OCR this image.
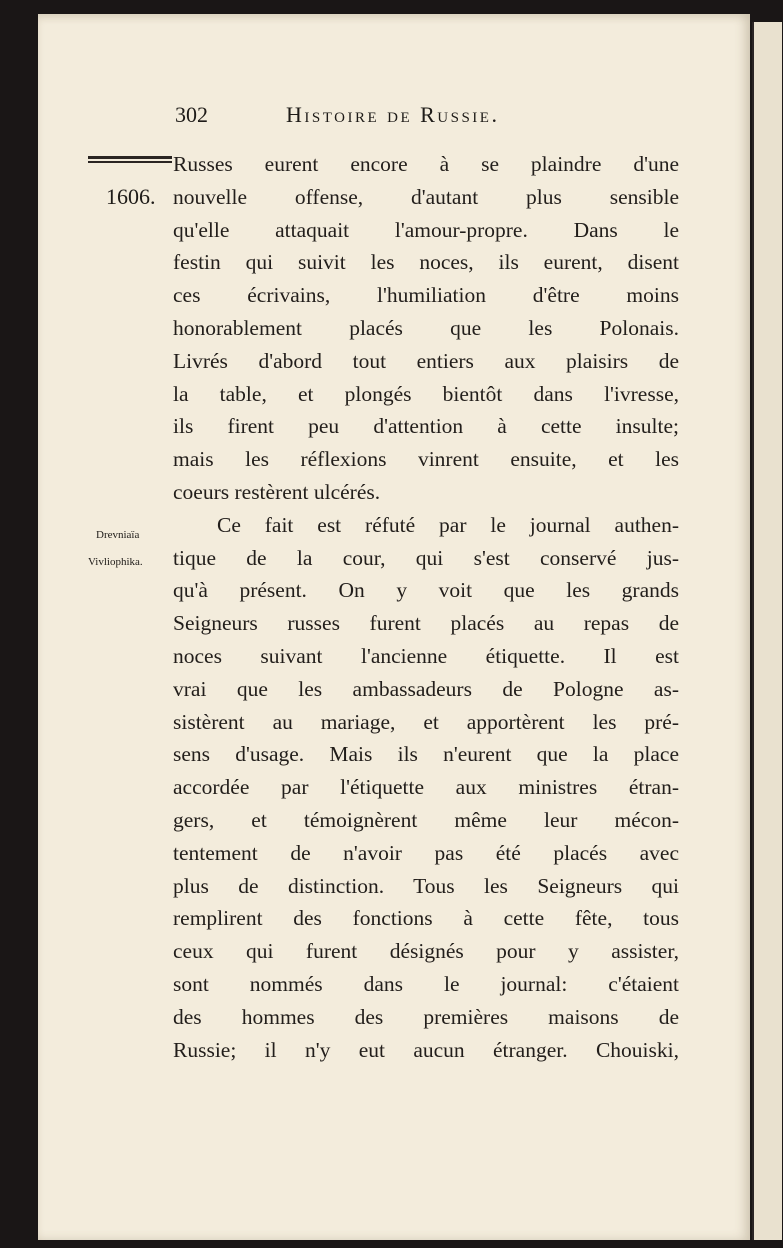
302	Histoire de Russie.
1606.
Drevniaïa
Vivliophika.
Russes eurent encore à se plaindre d'une
nouvelle offense, d'autant plus sensible
qu'elle attaquait l'amour-propre. Dans le
festin qui suivit les noces, ils eurent, disent
ces écrivains, l'humiliation d'être moins
honorablement placés que les Polonais.
Livrés d'abord tout entiers aux plaisirs de
la table, et plongés bientôt dans l'ivresse,
ils firent peu d'attention à cette insulte;
mais les réflexions vinrent ensuite, et les
coeurs restèrent ulcérés.
Ce fait est réfuté par le journal authen-
tique de la cour, qui s'est conservé jus-
qu'à présent. On y voit que les grands
Seigneurs russes furent placés au repas de
noces suivant l'ancienne étiquette. Il est
vrai que les ambassadeurs de Pologne as-
sistèrent au mariage, et apportèrent les pré-
sens d'usage. Mais ils n'eurent que la place
accordée par l'étiquette aux ministres étran-
gers, et témoignèrent même leur mécon-
tentement de n'avoir pas été placés avec
plus de distinction. Tous les Seigneurs qui
remplirent des fonctions à cette fête, tous
ceux qui furent désignés pour y assister,
sont nommés dans le journal: c'étaient
des hommes des premières maisons de
Russie; il n'y eut aucun étranger. Chouiski,
